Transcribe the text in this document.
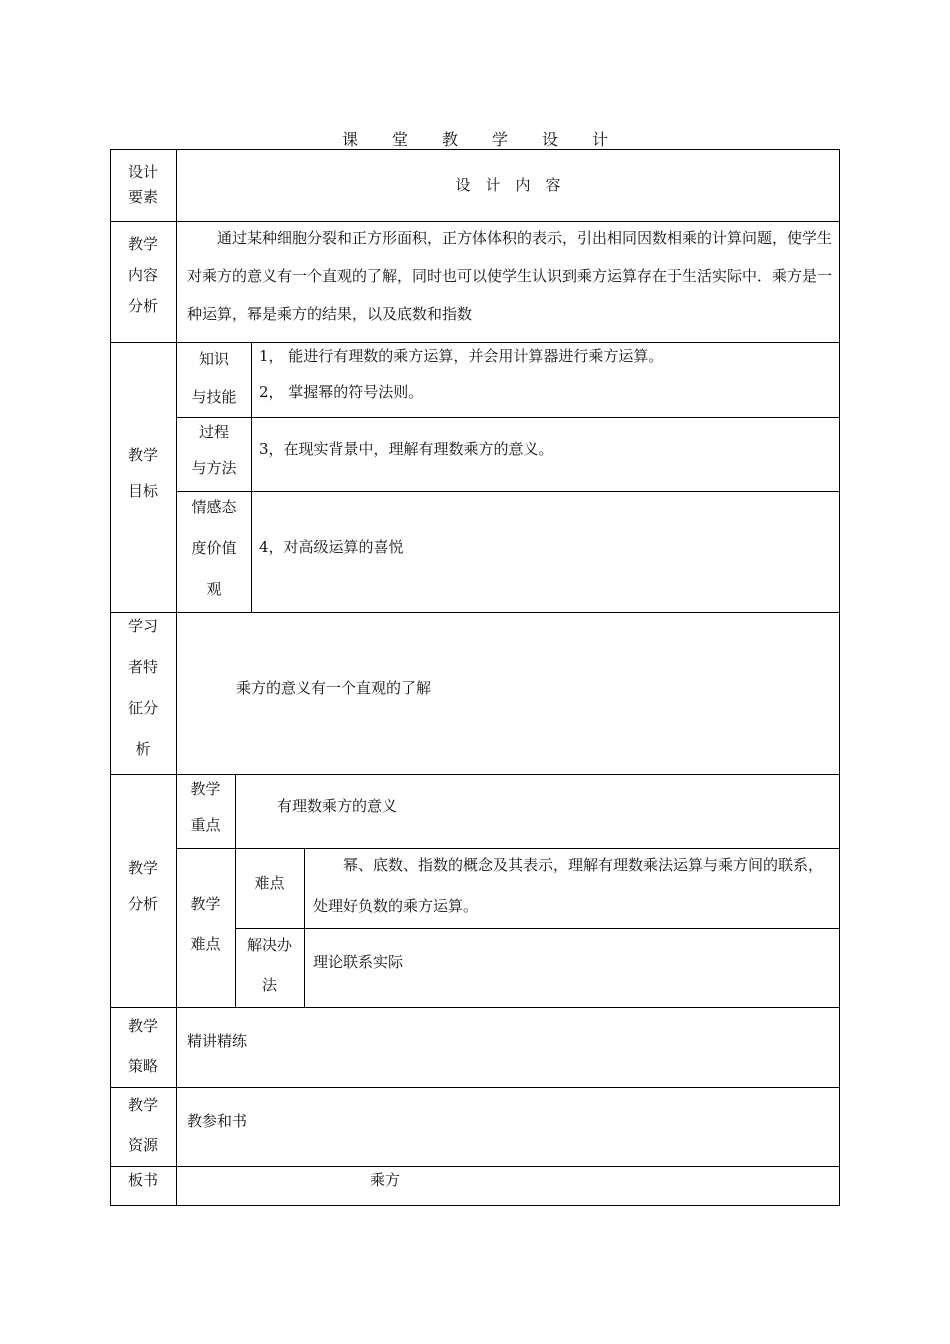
课 堂 教 学 设 计
设计
要素
设　计　内　容
教学
内容
分析
通过某种细胞分裂和正方形面积，正方体体积的表示，引出相同因数相乘的计算问题，使学生对乘方的意义有一个直观的了解，同时也可以使学生认识到乘方运算存在于生活实际中．乘方是一种运算，幂是乘方的结果，以及底数和指数
教学
目标
知识
与技能
1， 能进行有理数的乘方运算，并会用计算器进行乘方运算。
2， 掌握幂的符号法则。
过程
与方法
3，在现实背景中，理解有理数乘方的意义。
情感态
度价值
观
4，对高级运算的喜悦
学习
者特
征分
析
乘方的意义有一个直观的了解
教学
分析
教学
重点
有理数乘方的意义
教学
难点
难点
幂、底数、指数的概念及其表示，理解有理数乘法运算与乘方间的联系，处理好负数的乘方运算。
解决办
法
理论联系实际
教学
策略
精讲精练
教学
资源
教参和书
板书	乘方
